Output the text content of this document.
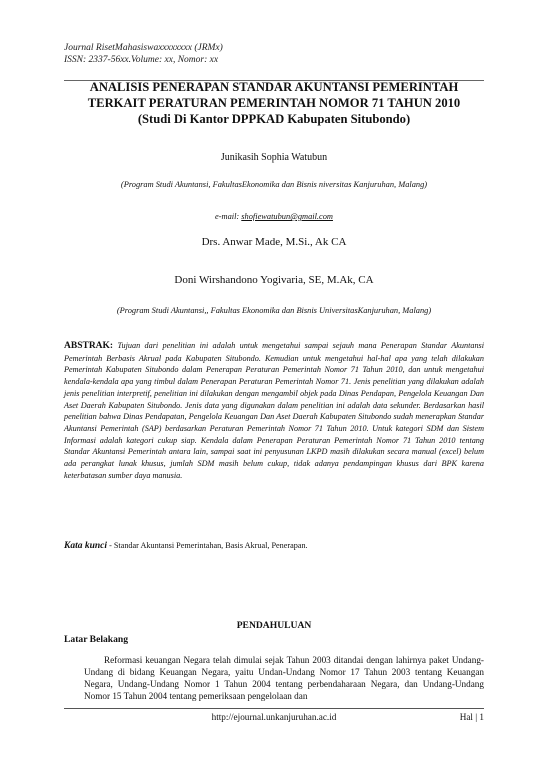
Journal RisetMahasiswaxxxxxxxx (JRMx)
ISSN: 2337-56xx.Volume: xx, Nomor: xx
ANALISIS PENERAPAN STANDAR AKUNTANSI PEMERINTAH
TERKAIT PERATURAN PEMERINTAH NOMOR 71 TAHUN 2010
(Studi Di Kantor DPPKAD Kabupaten Situbondo)
Junikasih Sophia Watubun
(Program Studi Akuntansi, FakultasEkonomika dan Bisnis niversitas Kanjuruhan, Malang)
e-mail: shofiewatubun@gmail.com
Drs. Anwar Made, M.Si., Ak CA
Doni Wirshandono Yogivaria, SE, M.Ak, CA
(Program Studi Akuntansi,, Fakultas Ekonomika dan Bisnis UniversitasKanjuruhan, Malang)
ABSTRAK: Tujuan dari penelitian ini adalah untuk mengetahui sampai sejauh mana Penerapan Standar Akuntansi Pemerintah Berbasis Akrual pada Kabupaten Situbondo. Kemudian untuk mengetahui hal-hal apa yang telah dilakukan Pemerintah Kabupaten Situbondo dalam Penerapan Peraturan Pemerintah Nomor 71 Tahun 2010, dan untuk mengetahui kendala-kendala apa yang timbul dalam Penerapan Peraturan Pemerintah Nomor 71. Jenis penelitian yang dilakukan adalah jenis penelitian interpretif, penelitian ini dilakukan dengan mengambil objek pada Dinas Pendapan, Pengelola Keuangan Dan Aset Daerah Kabupaten Situbondo. Jenis data yang digunakan dalam penelitian ini adalah data sekunder. Berdasarkan hasil penelitian bahwa Dinas Pendapatan, Pengelola Keuangan Dan Aset Daerah Kabupaten Situbondo sudah menerapkan Standar Akuntansi Pemerintah (SAP) berdasarkan Peraturan Pemerintah Nomor 71 Tahun 2010. Untuk kategori SDM dan Sistem Informasi adalah kategori cukup siap. Kendala dalam Penerapan Peraturan Pemerintah Nomor 71 Tahun 2010 tentang Standar Akuntansi Pemerintah antara lain, sampai saat ini penyusunan LKPD masih dilakukan secara manual (excel) belum ada perangkat lunak khusus, jumlah SDM masih belum cukup, tidak adanya pendampingan khusus dari BPK karena keterbatasan sumber daya manusia.
Kata kunci - Standar Akuntansi Pemerintahan, Basis Akrual, Penerapan.
PENDAHULUAN
Latar Belakang
Reformasi keuangan Negara telah dimulai sejak Tahun 2003 ditandai dengan lahirnya paket Undang-Undang di bidang Keuangan Negara, yaitu Undan-Undang Nomor 17 Tahun 2003 tentang Keuangan Negara, Undang-Undang Nomor 1 Tahun 2004 tentang perbendaharaan Negara, dan Undang-Undang Nomor 15 Tahun 2004 tentang pemeriksaan pengelolaan dan
http://ejournal.unkanjuruhan.ac.id	Hal | 1
